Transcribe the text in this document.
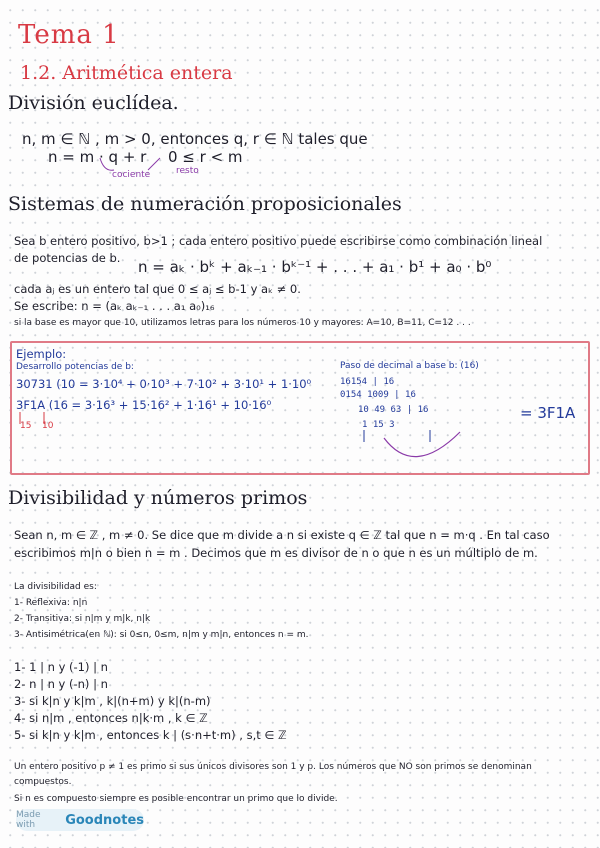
Tema 1
1.2. Aritmética entera
División euclídea.
n, m ∈ ℕ , m > 0, entonces q, r ∈ ℕ tales que
n = m · q + r 0 ≤ r < m
cociente	resto
Sistemas de numeración proposicionales
Sea b entero positivo, b>1 ; cada entero positivo puede escribirse como combinación lineal
de potencias de b. n = aₖ · bᵏ + aₖ₋₁ · bᵏ⁻¹ + . . . + a₁ · b¹ + a₀ · b⁰
cada aⱼ es un entero tal que 0 ≤ aⱼ ≤ b-1 y aₖ ≠ 0.
Se escribe: n = (aₖ aₖ₋₁ . . . a₁ a₀)₁₆
si la base es mayor que 10, utilizamos letras para los números 10 y mayores: A=10, B=11, C=12 . . .
Ejemplo:
Desarrollo potencias de b:
30731 (10 = 3·10⁴ + 0·10³ + 7·10² + 3·10¹ + 1·10⁰
3F1A (16 = 3·16³ + 15·16² + 1·16¹ + 10·16⁰
15 10
Paso de decimal a base b: (16)
16154 | 16
0154 1009 | 16
10 49 63 | 16
1 15 3
= 3F1A
Divisibilidad y números primos
Sean n, m ∈ ℤ , m ≠ 0. Se dice que m divide a n si existe q ∈ ℤ tal que n = m·q . En tal caso
escribimos m|n o bien n = m . Decimos que m es divisor de n o que n es un múltiplo de m.
La divisibilidad es:
1- Reflexiva: n|n
2- Transitiva: si n|m y m|k, n|k
3- Antisimétrica(en ℕ): si 0≤n, 0≤m, n|m y m|n, entonces n = m.
1- 1 | n y (-1) | n
2- n | n y (-n) | n
3- si k|n y k|m , k|(n+m) y k|(n-m)
4- si n|m , entonces n|k·m , k ∈ ℤ
5- si k|n y k|m , entonces k | (s·n+t·m) , s,t ∈ ℤ
Un entero positivo p ≠ 1 es primo si sus únicos divisores son 1 y p. Los números que NO son primos se denominan
compuestos.
Si n es compuesto siempre es posible encontrar un primo que lo divide.
Made with	Goodnotes
